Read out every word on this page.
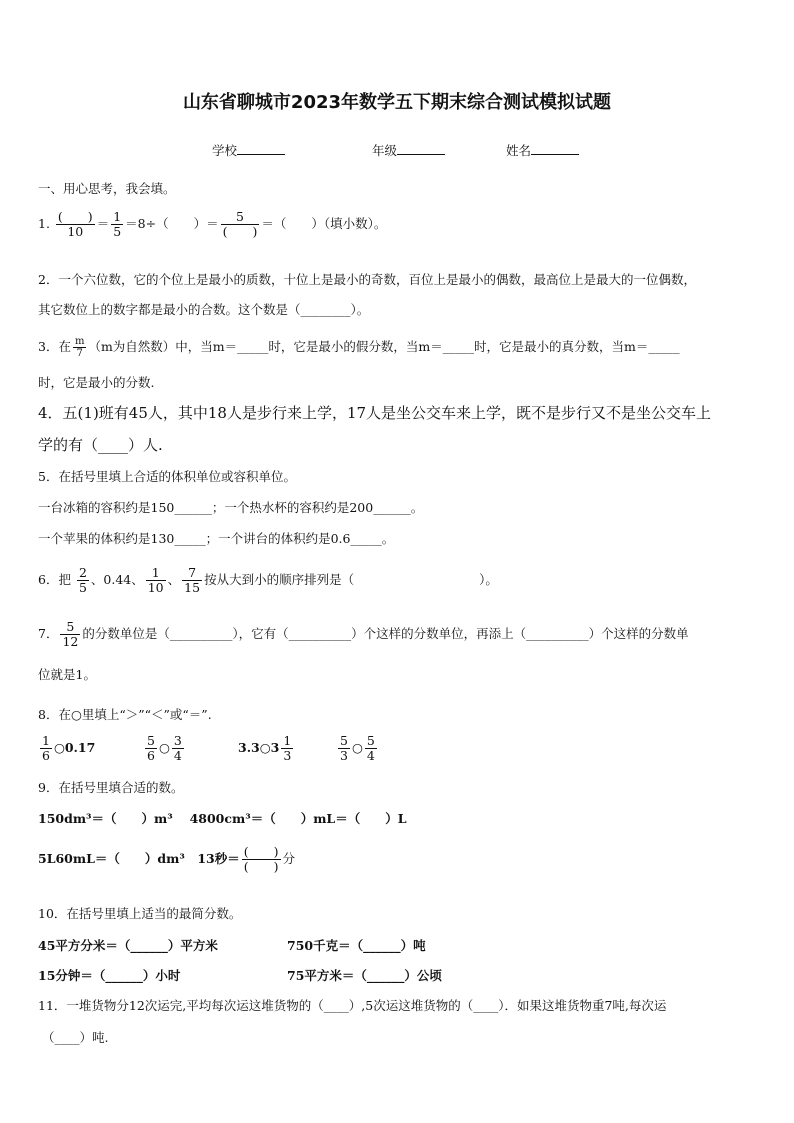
山东省聊城市2023年数学五下期末综合测试模拟试题
学校	年级	姓名
一、用心思考，我会填。
1. $\frac{( )}{10} = \frac{1}{5} =8\div$（　　）＝ $\frac{5}{( )}$ ＝（　　）（填小数）。
2．一个六位数，它的个位上是最小的质数，十位上是最小的奇数，百位上是最小的偶数，最高位上是最大的一位偶数，
其它数位上的数字都是最小的合数。这个数是（________）。
3．在 $\frac{m}{7} (m$为自然数）中，当m＝_____时，它是最小的假分数，当m＝_____时，它是最小的真分数，当m＝_____
时，它是最小的分数.
4．五(1)班有45人，其中18人是步行来上学，17人是坐公交车来上学，既不是步行又不是坐公交车上
学的有（____）人.
5．在括号里填上合适的体积单位或容积单位。
一台冰箱的容积约是150______；一个热水杯的容积约是200______。
一个苹果的体积约是130_____；一个讲台的体积约是0.6_____。
6．把 $\frac{2}{5}$ 、0.44、 $\frac{1}{10}$ 、 $\frac{7}{15}$ 按从大到小的顺序排列是（　　　　　　　　　　）。
7． $\frac{5}{12}$ 的分数单位是（__________），它有（__________）个这样的分数单位，再添上（__________）个这样的分数单
位就是1。
8．在○里填上“＞”“＜”或“＝”.
$\frac{1}{6}$ ○0.17	$\frac{5}{6}$ ○ $\frac{3}{4}$	3.3○3 $\frac{1}{3}$	$\frac{5}{3}$ ○ $\frac{5}{4}$
9．在括号里填合适的数。
150dm³＝（　　）m³　 4800cm³＝（　　）mL＝（　　）L
5L60mL＝（　　）dm³　13秒＝ $\frac{( )}{( )}$ 分
10．在括号里填上适当的最简分数。
45平方分米＝（______）平方米	750千克＝（______）吨
15分钟＝（______）小时	75平方米＝（______）公顷
11．一堆货物分12次运完,平均每次运这堆货物的（____）,5次运这堆货物的（____）．如果这堆货物重7吨,每次运
（____）吨.
